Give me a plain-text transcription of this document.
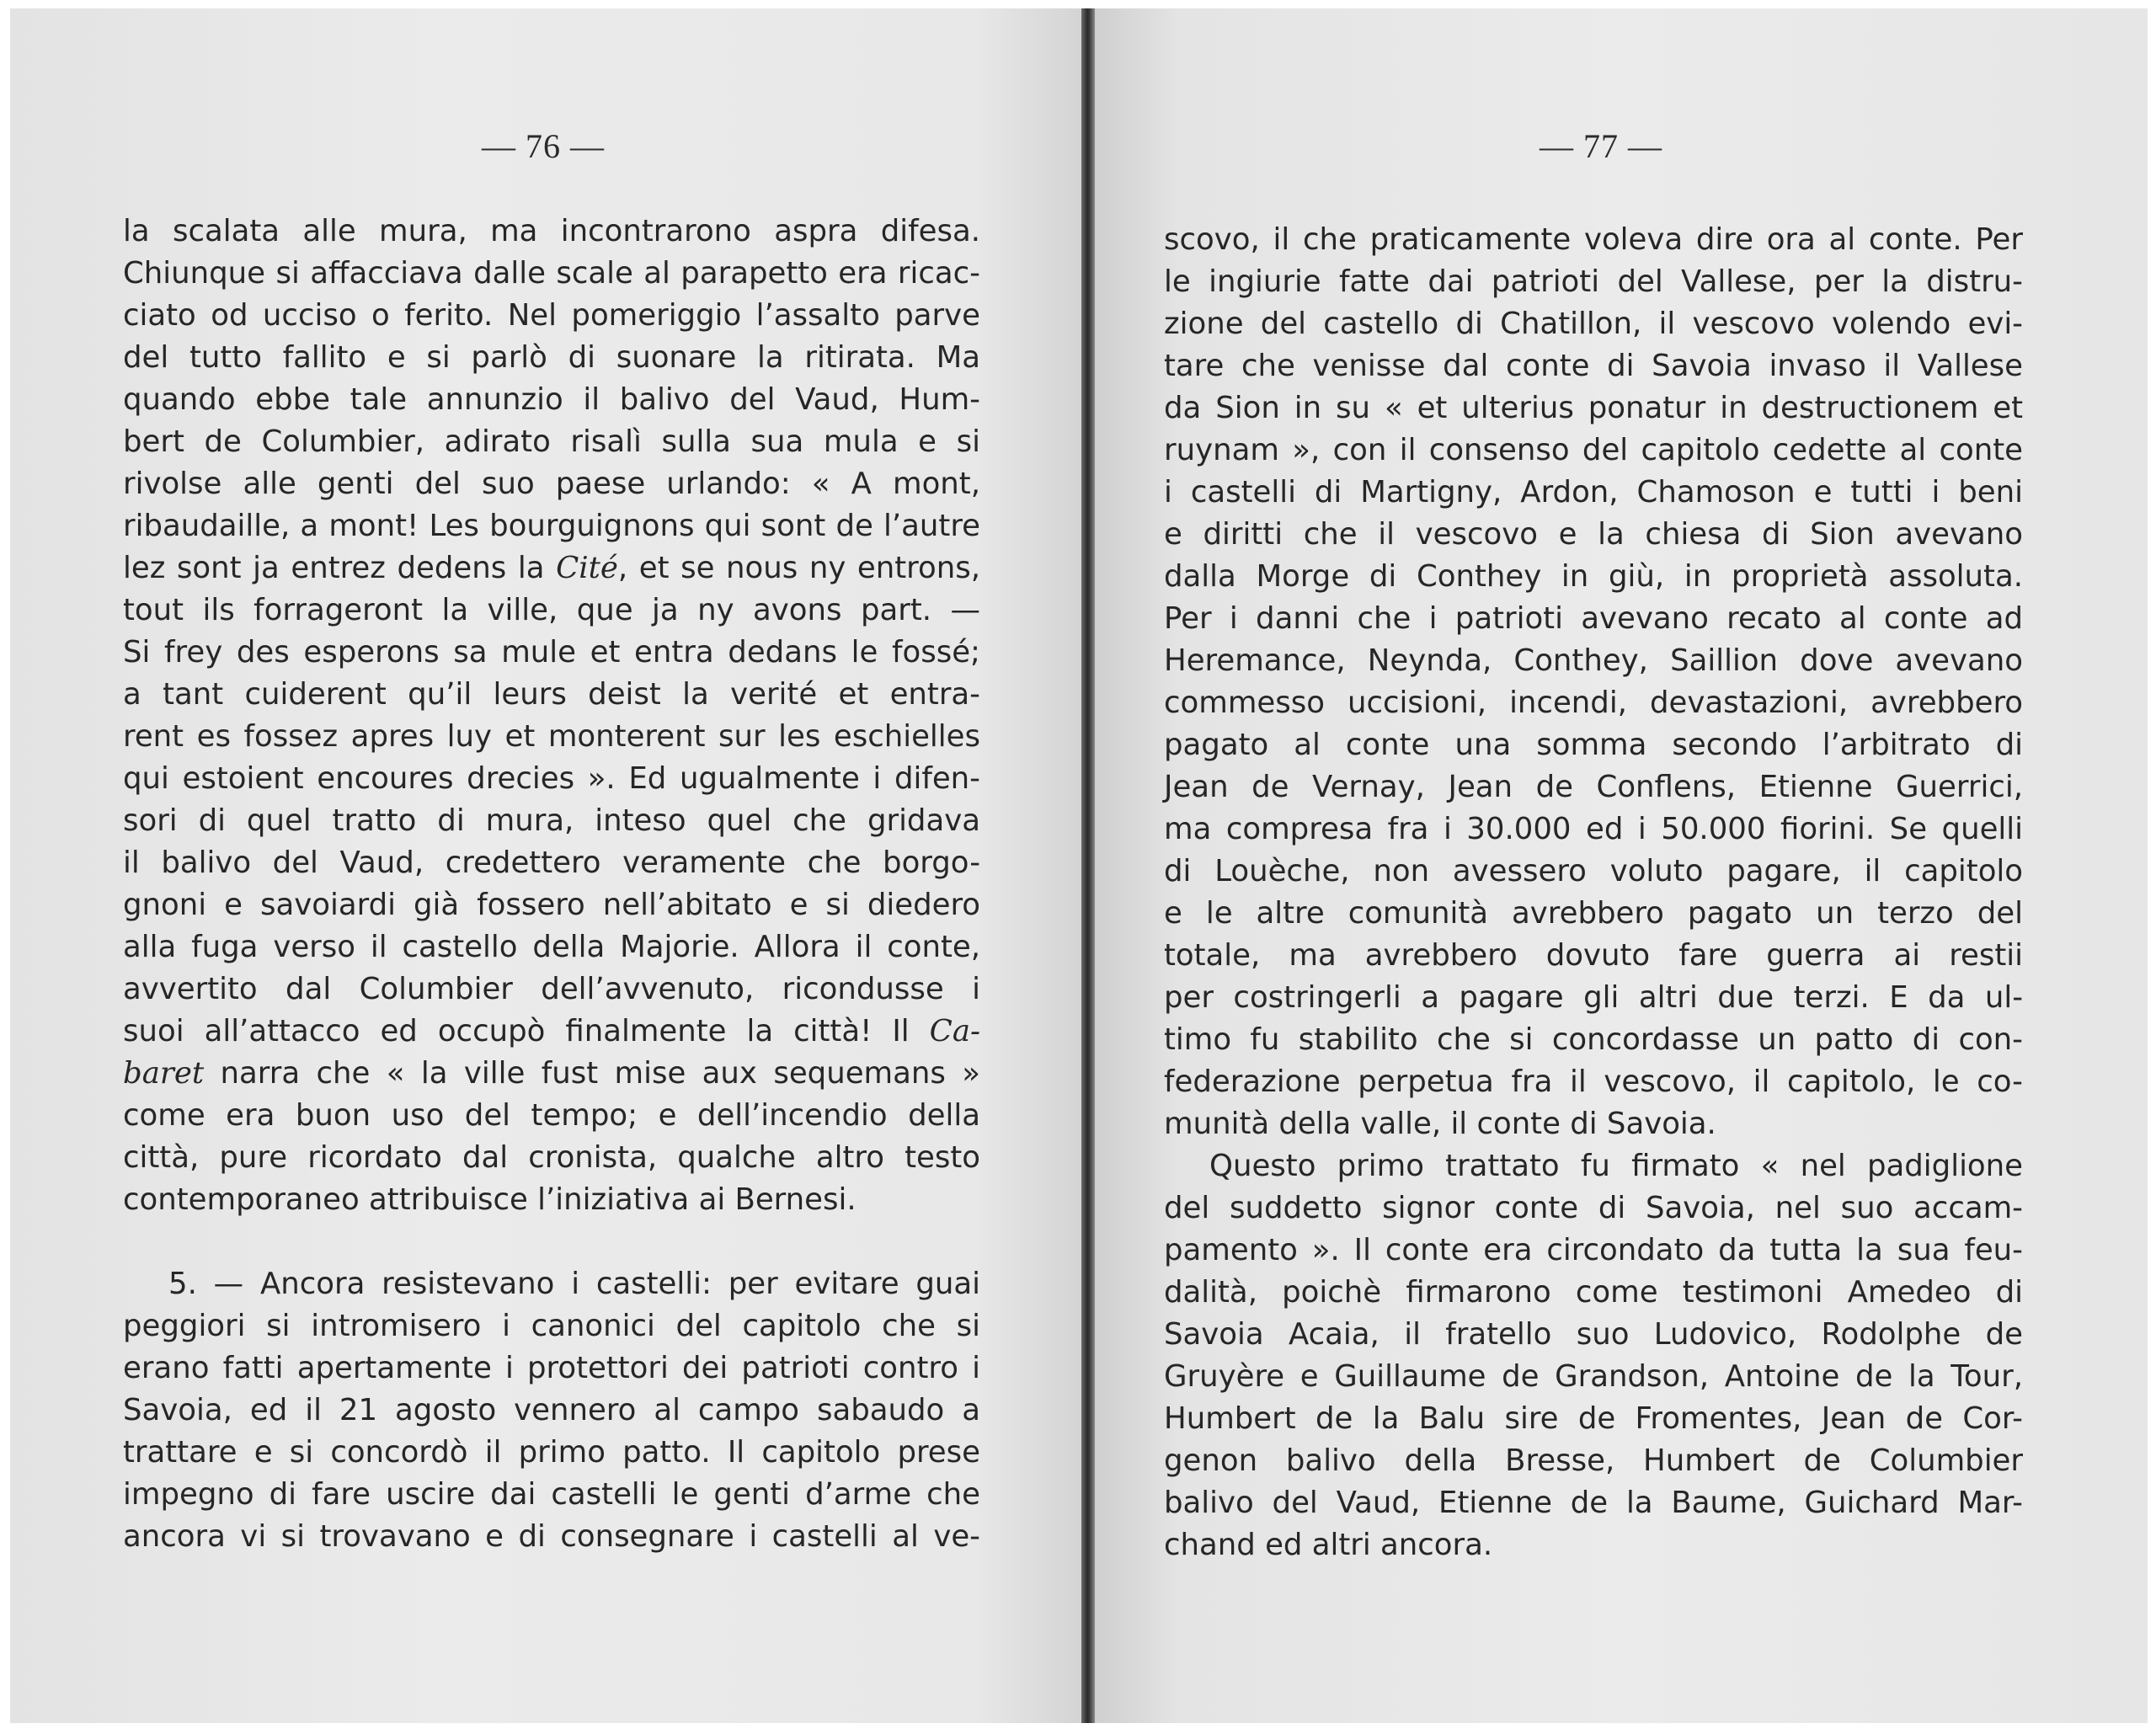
— 76 —
la scalata alle mura, ma incontrarono aspra difesa.
Chiunque si affacciava dalle scale al parapetto era ricac-
ciato od ucciso o ferito. Nel pomeriggio l’assalto parve
del tutto fallito e si parlò di suonare la ritirata. Ma
quando ebbe tale annunzio il balivo del Vaud, Hum-
bert de Columbier, adirato risalì sulla sua mula e si
rivolse alle genti del suo paese urlando: « A mont,
ribaudaille, a mont! Les bourguignons qui sont de l’autre
lez sont ja entrez dedens la Cité, et se nous ny entrons,
tout ils forrageront la ville, que ja ny avons part. —
Si frey des esperons sa mule et entra dedans le fossé;
a tant cuiderent qu’il leurs deist la verité et entra-
rent es fossez apres luy et monterent sur les eschielles
qui estoient encoures drecies ». Ed ugualmente i difen-
sori di quel tratto di mura, inteso quel che gridava
il balivo del Vaud, credettero veramente che borgo-
gnoni e savoiardi già fossero nell’abitato e si diedero
alla fuga verso il castello della Majorie. Allora il conte,
avvertito dal Columbier dell’avvenuto, ricondusse i
suoi all’attacco ed occupò finalmente la città! Il Ca-
baret narra che « la ville fust mise aux sequemans »
come era buon uso del tempo; e dell’incendio della
città, pure ricordato dal cronista, qualche altro testo
contemporaneo attribuisce l’iniziativa ai Bernesi.
5. — Ancora resistevano i castelli: per evitare guai
peggiori si intromisero i canonici del capitolo che si
erano fatti apertamente i protettori dei patrioti contro i
Savoia, ed il 21 agosto vennero al campo sabaudo a
trattare e si concordò il primo patto. Il capitolo prese
impegno di fare uscire dai castelli le genti d’arme che
ancora vi si trovavano e di consegnare i castelli al ve-
— 77 —
scovo, il che praticamente voleva dire ora al conte. Per
le ingiurie fatte dai patrioti del Vallese, per la distru-
zione del castello di Chatillon, il vescovo volendo evi-
tare che venisse dal conte di Savoia invaso il Vallese
da Sion in su « et ulterius ponatur in destructionem et
ruynam », con il consenso del capitolo cedette al conte
i castelli di Martigny, Ardon, Chamoson e tutti i beni
e diritti che il vescovo e la chiesa di Sion avevano
dalla Morge di Conthey in giù, in proprietà assoluta.
Per i danni che i patrioti avevano recato al conte ad
Heremance, Neynda, Conthey, Saillion dove avevano
commesso uccisioni, incendi, devastazioni, avrebbero
pagato al conte una somma secondo l’arbitrato di
Jean de Vernay, Jean de Conflens, Etienne Guerrici,
ma compresa fra i 30.000 ed i 50.000 fiorini. Se quelli
di Louèche, non avessero voluto pagare, il capitolo
e le altre comunità avrebbero pagato un terzo del
totale, ma avrebbero dovuto fare guerra ai restii
per costringerli a pagare gli altri due terzi. E da ul-
timo fu stabilito che si concordasse un patto di con-
federazione perpetua fra il vescovo, il capitolo, le co-
munità della valle, il conte di Savoia.
Questo primo trattato fu firmato « nel padiglione
del suddetto signor conte di Savoia, nel suo accam-
pamento ». Il conte era circondato da tutta la sua feu-
dalità, poichè firmarono come testimoni Amedeo di
Savoia Acaia, il fratello suo Ludovico, Rodolphe de
Gruyère e Guillaume de Grandson, Antoine de la Tour,
Humbert de la Balu sire de Fromentes, Jean de Cor-
genon balivo della Bresse, Humbert de Columbier
balivo del Vaud, Etienne de la Baume, Guichard Mar-
chand ed altri ancora.
